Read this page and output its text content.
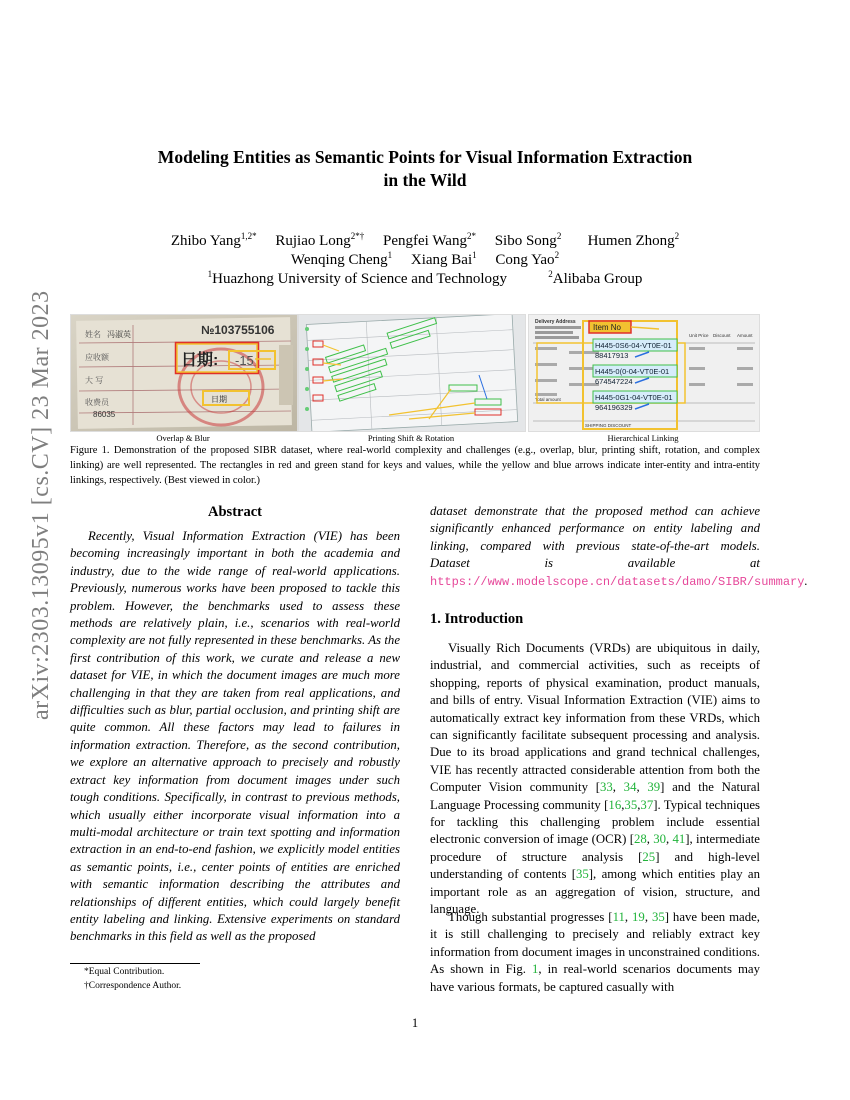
arXiv:2303.13095v1 [cs.CV] 23 Mar 2023
Modeling Entities as Semantic Points for Visual Information Extraction
in the Wild
Zhibo Yang$^{1,2*}$ Rujiao Long$^{2*\dagger}$ Pengfei Wang$^{2*}$ Sibo Song$^2$ Humen Zhong$^2$
Wenqing Cheng$^1$ Xiang Bai$^1$ Cong Yao$^2$
$^1$Huazhong University of Science and Technology	$^2$Alibaba Group
№103755106
姓名 冯淑英
应收额
大 写
收费员
86035
日期: -15
日期
Delivery Address
Unit Price Discount Amount
Total amount
SHIPPING DISCOUNT
Item No
H445-0S6-04-VT0E-01
88417913
H445-0(0-04-VT0E-01
674547224
H445-0G1-04-VT0E-01
964196329
Overlap & Blur	Printing Shift & Rotation	Hierarchical Linking
Figure 1. Demonstration of the proposed SIBR dataset, where real-world complexity and challenges (e.g., overlap, blur, printing shift, rotation, and complex linking) are well represented. The rectangles in red and green stand for keys and values, while the yellow and blue arrows indicate inter-entity and intra-entity linkings, respectively. (Best viewed in color.)
Abstract
Recently, Visual Information Extraction (VIE) has been becoming increasingly important in both the academia and industry, due to the wide range of real-world applications. Previously, numerous works have been proposed to tackle this problem. However, the benchmarks used to assess these methods are relatively plain, i.e., scenarios with real-world complexity are not fully represented in these benchmarks. As the first contribution of this work, we curate and release a new dataset for VIE, in which the document images are much more challenging in that they are taken from real applications, and difficulties such as blur, partial occlusion, and printing shift are quite common. All these factors may lead to failures in information extraction. Therefore, as the second contribution, we explore an alternative approach to precisely and robustly extract key information from document images under such tough conditions. Specifically, in contrast to previous methods, which usually either incorporate visual information into a multi-modal architecture or train text spotting and information extraction in an end-to-end fashion, we explicitly model entities as semantic points, i.e., center points of entities are enriched with semantic information describing the attributes and relationships of different entities, which could largely benefit entity labeling and linking. Extensive experiments on standard benchmarks in this field as well as the proposed
*Equal Contribution.
†Correspondence Author.
dataset demonstrate that the proposed method can achieve significantly enhanced performance on entity labeling and linking, compared with previous state-of-the-art models. Dataset is available at https://www.modelscope.cn/datasets/damo/SIBR/summary.
1. Introduction
Visually Rich Documents (VRDs) are ubiquitous in daily, industrial, and commercial activities, such as receipts of shopping, reports of physical examination, product manuals, and bills of entry. Visual Information Extraction (VIE) aims to automatically extract key information from these VRDs, which can significantly facilitate subsequent processing and analysis. Due to its broad applications and grand technical challenges, VIE has recently attracted considerable attention from both the Computer Vision community [33, 34, 39] and the Natural Language Processing community [16,35,37]. Typical techniques for tackling this challenging problem include essential electronic conversion of image (OCR) [28, 30, 41], intermediate procedure of structure analysis [25] and high-level understanding of contents [35], among which entities play an important role as an aggregation of vision, structure, and language.
Though substantial progresses [11, 19, 35] have been made, it is still challenging to precisely and reliably extract key information from document images in unconstrained conditions. As shown in Fig. 1, in real-world scenarios documents may have various formats, be captured casually with
1
